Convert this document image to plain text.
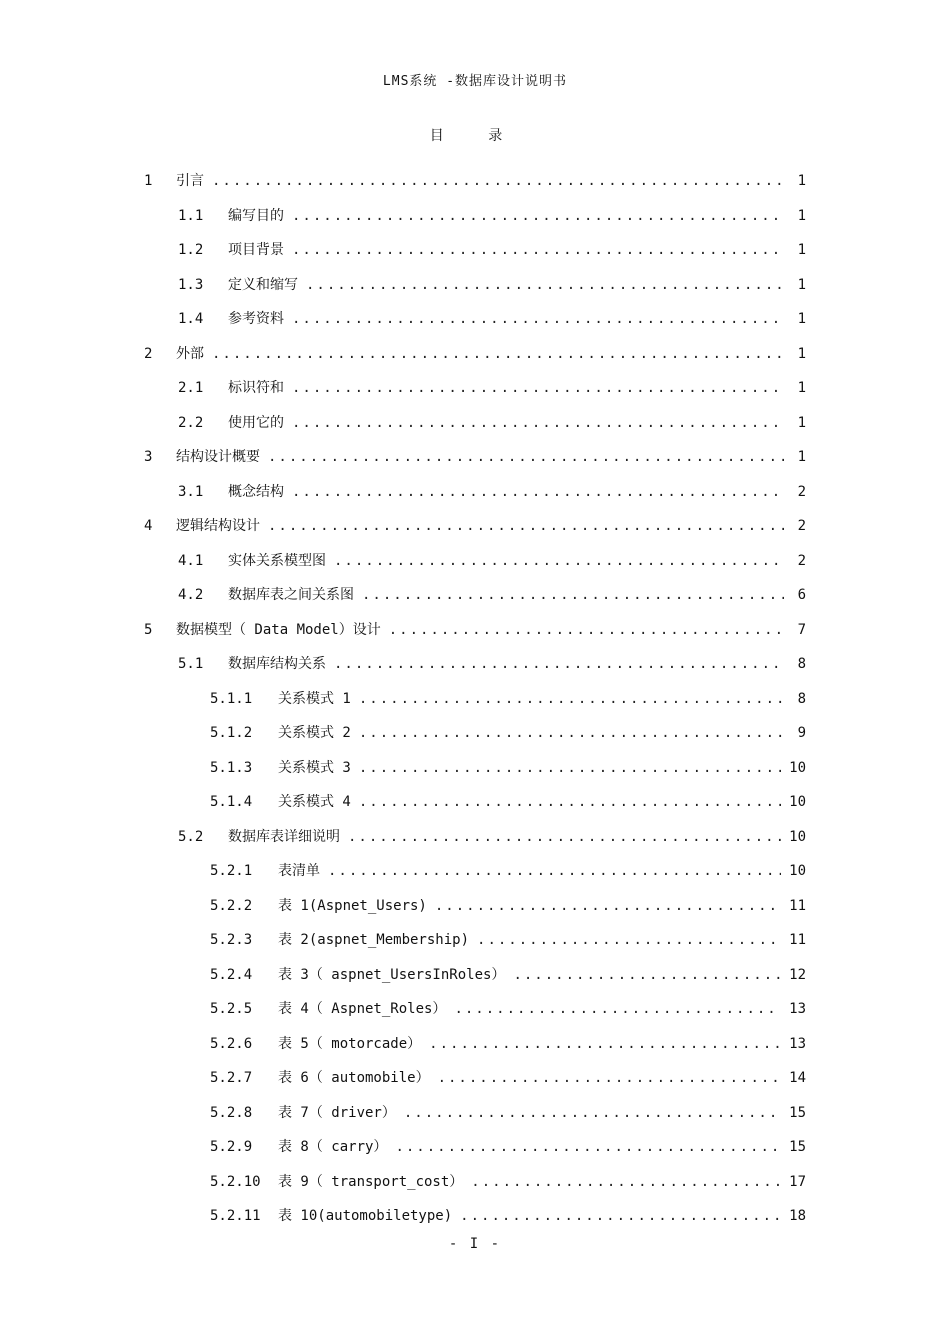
LMS系统 -数据库设计说明书
目 录
1	引言 .....	1
1.1	编写目的 .....	1
1.2	项目背景 .....	1
1.3	定义和缩写 .....	1
1.4	参考资料 .....	1
2	外部 .....	1
2.1	标识符和 .....	1
2.2	使用它的 .....	1
3	结构设计概要 .....	1
3.1	概念结构 .....	2
4	逻辑结构设计 .....	2
4.1	实体关系模型图 .....	2
4.2	数据库表之间关系图 .....	6
5	数据模型（ Data Model）设计 .....	7
5.1	数据库结构关系 .....	8
5.1.1	关系模式 1 .....	8
5.1.2	关系模式 2 .....	9
5.1.3	关系模式 3 .....	10
5.1.4	关系模式 4 .....	10
5.2	数据库表详细说明 .....	10
5.2.1	表清单 .....	10
5.2.2	表 1(Aspnet_Users) .....	11
5.2.3	表 2(aspnet_Membership) .....	11
5.2.4	表 3（ aspnet_UsersInRoles） .....	12
5.2.5	表 4（ Aspnet_Roles） .....	13
5.2.6	表 5（ motorcade） .....	13
5.2.7	表 6（ automobile） .....	14
5.2.8	表 7（ driver） .....	15
5.2.9	表 8（ carry） .....	15
5.2.10	表 9（ transport_cost） .....	17
5.2.11	表 10(automobiletype) .....	18
- I -
